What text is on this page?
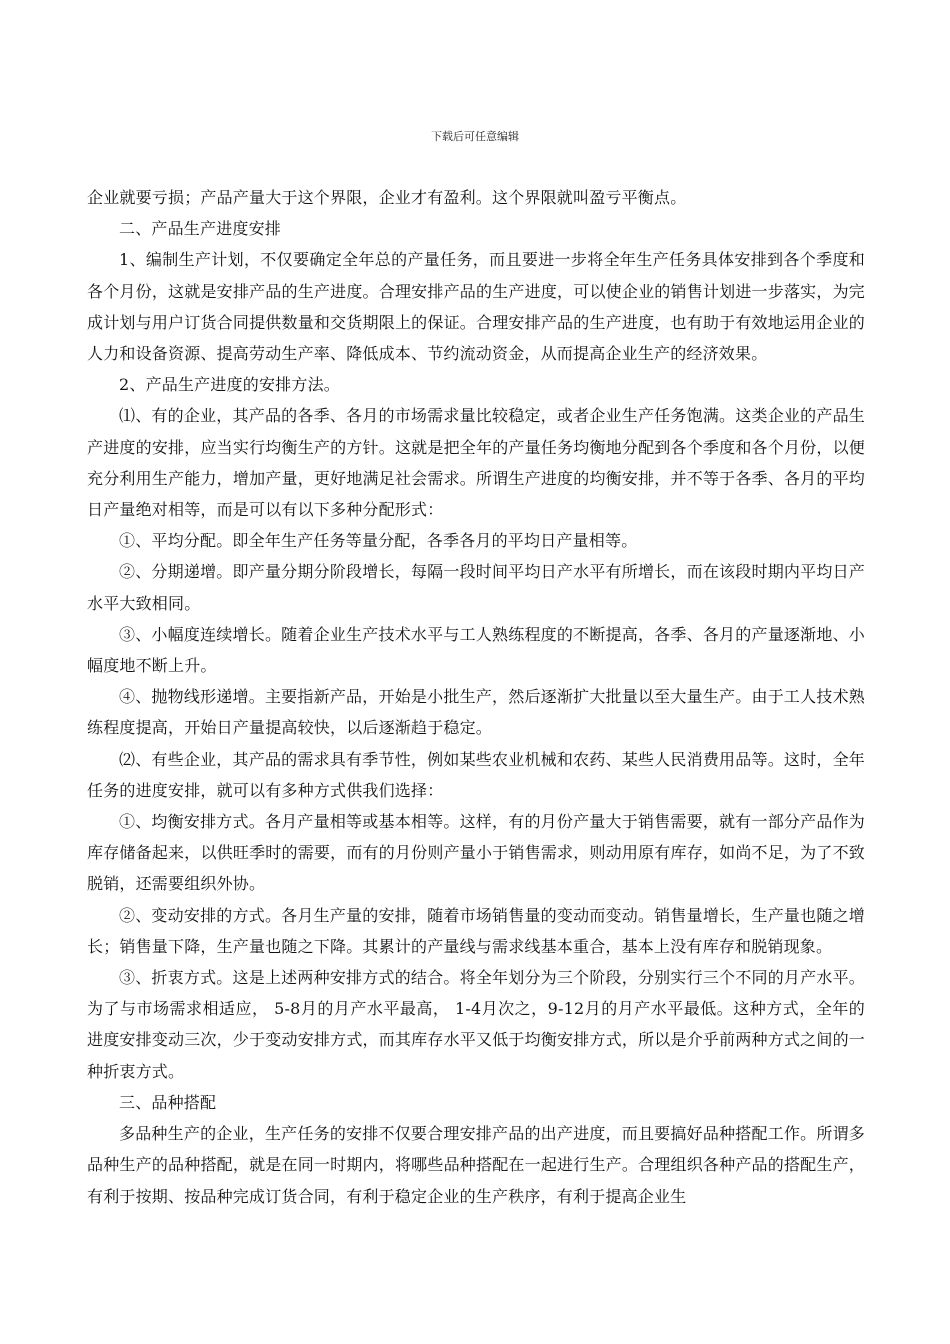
下载后可任意编辑

企业就要亏损；产品产量大于这个界限，企业才有盈利。这个界限就叫盈亏平衡点。

二、产品生产进度安排

1、编制生产计划，不仅要确定全年总的产量任务，而且要进一步将全年生产任务具体安排到各个季度和各个月份，这就是安排产品的生产进度。合理安排产品的生产进度，可以使企业的销售计划进一步落实，为完成计划与用户订货合同提供数量和交货期限上的保证。合理安排产品的生产进度，也有助于有效地运用企业的人力和设备资源、提高劳动生产率、降低成本、节约流动资金，从而提高企业生产的经济效果。

2、产品生产进度的安排方法。

⑴、有的企业，其产品的各季、各月的市场需求量比较稳定，或者企业生产任务饱满。这类企业的产品生产进度的安排，应当实行均衡生产的方针。这就是把全年的产量任务均衡地分配到各个季度和各个月份，以便充分利用生产能力，增加产量，更好地满足社会需求。所谓生产进度的均衡安排，并不等于各季、各月的平均日产量绝对相等，而是可以有以下多种分配形式：

①、平均分配。即全年生产任务等量分配，各季各月的平均日产量相等。

②、分期递增。即产量分期分阶段增长，每隔一段时间平均日产水平有所增长，而在该段时期内平均日产水平大致相同。

③、小幅度连续增长。随着企业生产技术水平与工人熟练程度的不断提高，各季、各月的产量逐渐地、小幅度地不断上升。

④、抛物线形递增。主要指新产品，开始是小批生产，然后逐渐扩大批量以至大量生产。由于工人技术熟练程度提高，开始日产量提高较快，以后逐渐趋于稳定。

⑵、有些企业，其产品的需求具有季节性，例如某些农业机械和农药、某些人民消费用品等。这时，全年任务的进度安排，就可以有多种方式供我们选择：

①、均衡安排方式。各月产量相等或基本相等。这样，有的月份产量大于销售需要，就有一部分产品作为库存储备起来，以供旺季时的需要，而有的月份则产量小于销售需求，则动用原有库存，如尚不足，为了不致脱销，还需要组织外协。

②、变动安排的方式。各月生产量的安排，随着市场销售量的变动而变动。销售量增长，生产量也随之增长；销售量下降，生产量也随之下降。其累计的产量线与需求线基本重合，基本上没有库存和脱销现象。

③、折衷方式。这是上述两种安排方式的结合。将全年划分为三个阶段，分别实行三个不同的月产水平。为了与市场需求相适应， 5-8月的月产水平最高， 1-4月次之，9-12月的月产水平最低。这种方式，全年的进度安排变动三次，少于变动安排方式，而其库存水平又低于均衡安排方式，所以是介乎前两种方式之间的一种折衷方式。

三、品种搭配

多品种生产的企业，生产任务的安排不仅要合理安排产品的出产进度，而且要搞好品种搭配工作。所谓多品种生产的品种搭配，就是在同一时期内，将哪些品种搭配在一起进行生产。合理组织各种产品的搭配生产，有利于按期、按品种完成订货合同，有利于稳定企业的生产秩序，有利于提高企业生
